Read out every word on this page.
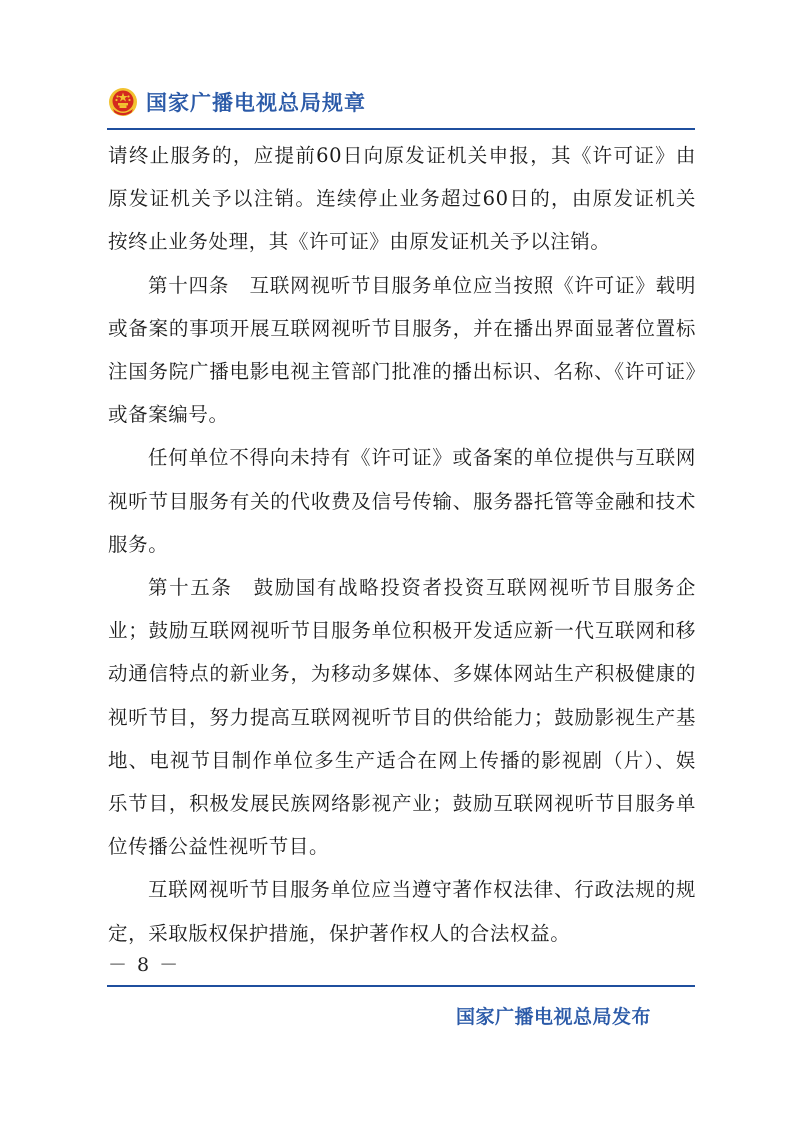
国家广播电视总局规章

请终止服务的，应提前60日向原发证机关申报，其《许可证》由原发证机关予以注销。连续停止业务超过60日的，由原发证机关按终止业务处理，其《许可证》由原发证机关予以注销。

第十四条　互联网视听节目服务单位应当按照《许可证》载明或备案的事项开展互联网视听节目服务，并在播出界面显著位置标注国务院广播电影电视主管部门批准的播出标识、名称、《许可证》或备案编号。

任何单位不得向未持有《许可证》或备案的单位提供与互联网视听节目服务有关的代收费及信号传输、服务器托管等金融和技术服务。

第十五条　鼓励国有战略投资者投资互联网视听节目服务企业；鼓励互联网视听节目服务单位积极开发适应新一代互联网和移动通信特点的新业务，为移动多媒体、多媒体网站生产积极健康的视听节目，努力提高互联网视听节目的供给能力；鼓励影视生产基地、电视节目制作单位多生产适合在网上传播的影视剧（片）、娱乐节目，积极发展民族网络影视产业；鼓励互联网视听节目服务单位传播公益性视听节目。

互联网视听节目服务单位应当遵守著作权法律、行政法规的规定，采取版权保护措施，保护著作权人的合法权益。

－ 8 －
国家广播电视总局发布
